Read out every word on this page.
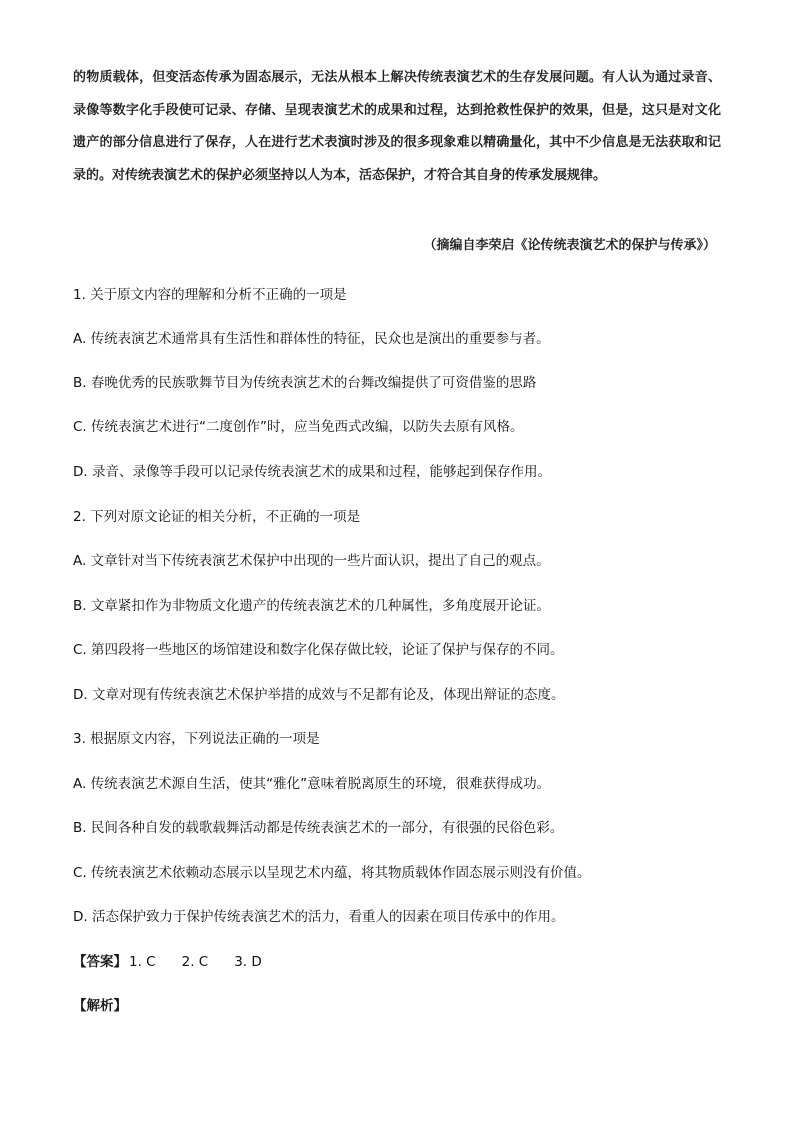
的物质载体，但变活态传承为固态展示，无法从根本上解决传统表演艺术的生存发展问题。有人认为通过录音、录像等数字化手段使可记录、存储、呈现表演艺术的成果和过程，达到抢救性保护的效果，但是，这只是对文化遗产的部分信息进行了保存，人在进行艺术表演时涉及的很多现象难以精确量化，其中不少信息是无法获取和记录的。对传统表演艺术的保护必须坚持以人为本，活态保护，才符合其自身的传承发展规律。

（摘编自李荣启《论传统表演艺术的保护与传承》）

1. 关于原文内容的理解和分析不正确的一项是

A. 传统表演艺术通常具有生活性和群体性的特征，民众也是演出的重要参与者。

B. 春晚优秀的民族歌舞节目为传统表演艺术的台舞改编提供了可资借鉴的思路

C. 传统表演艺术进行“二度创作”时，应当免西式改编，以防失去原有风格。

D. 录音、录像等手段可以记录传统表演艺术的成果和过程，能够起到保存作用。

2. 下列对原文论证的相关分析，不正确的一项是

A. 文章针对当下传统表演艺术保护中出现的一些片面认识，提出了自己的观点。

B. 文章紧扣作为非物质文化遗产的传统表演艺术的几种属性，多角度展开论证。

C. 第四段将一些地区的场馆建设和数字化保存做比较，论证了保护与保存的不同。

D. 文章对现有传统表演艺术保护举措的成效与不足都有论及，体现出辩证的态度。

3. 根据原文内容，下列说法正确的一项是

A. 传统表演艺术源自生活，使其“雅化”意味着脱离原生的环境，很难获得成功。

B. 民间各种自发的载歌载舞活动都是传统表演艺术的一部分，有很强的民俗色彩。

C. 传统表演艺术依赖动态展示以呈现艺术内蕴，将其物质载体作固态展示则没有价值。

D. 活态保护致力于保护传统表演艺术的活力，看重人的因素在项目传承中的作用。

【答案】 1. C 2. C 3. D

【解析】
